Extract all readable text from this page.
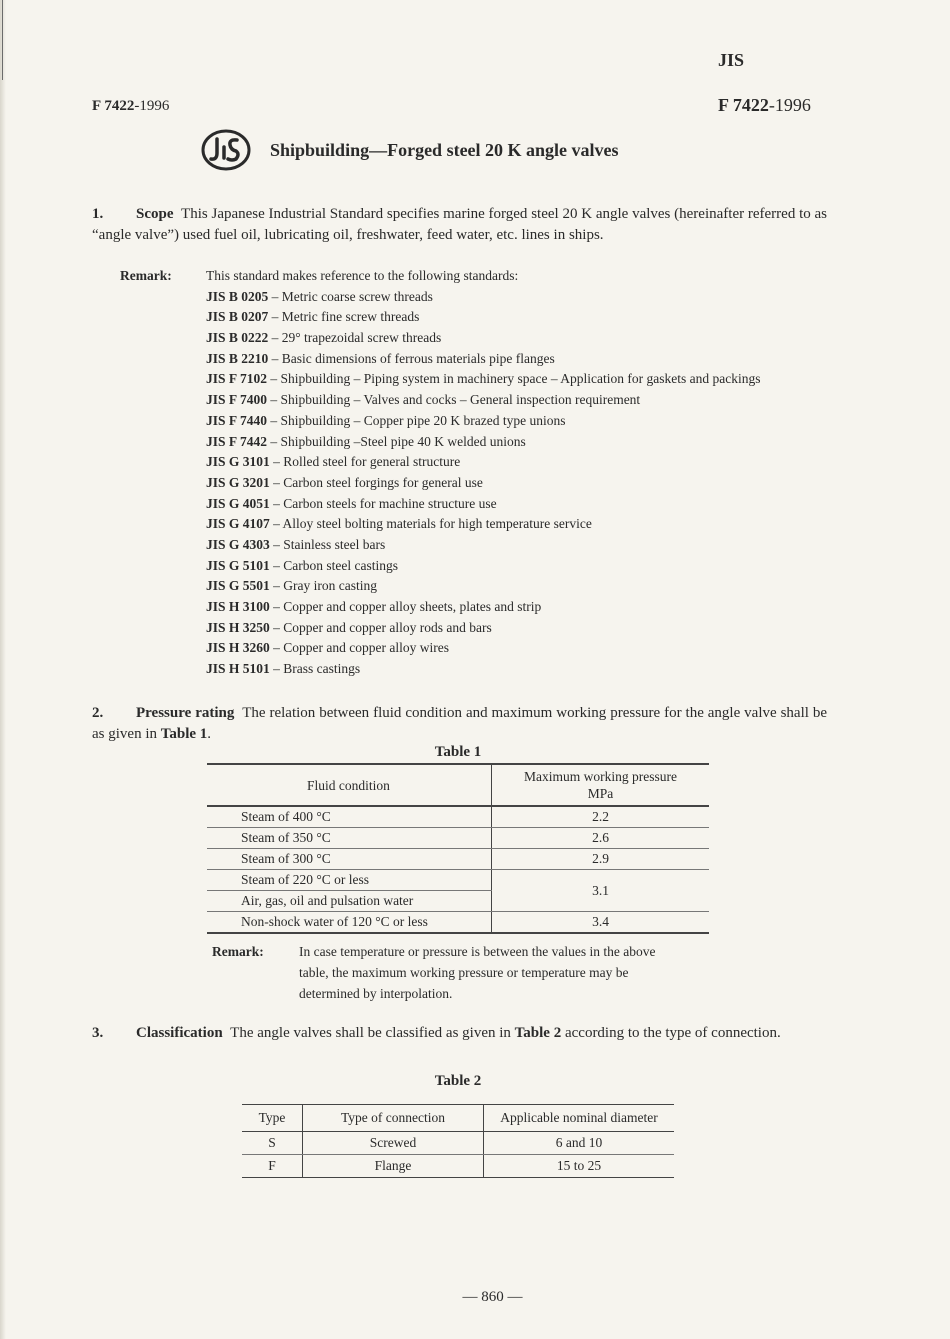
JIS
F 7422-1996	F 7422-1996
Shipbuilding—Forged steel 20 K angle valves
1. Scope This Japanese Industrial Standard specifies marine forged steel 20 K angle valves (hereinafter referred to as “angle valve”) used fuel oil, lubricating oil, freshwater, feed water, etc. lines in ships.
Remark:	This standard makes reference to the following standards:
JIS B 0205 – Metric coarse screw threads
JIS B 0207 – Metric fine screw threads
JIS B 0222 – 29° trapezoidal screw threads
JIS B 2210 – Basic dimensions of ferrous materials pipe flanges
JIS F 7102 – Shipbuilding – Piping system in machinery space – Application for gaskets and packings
JIS F 7400 – Shipbuilding – Valves and cocks – General inspection requirement
JIS F 7440 – Shipbuilding – Copper pipe 20 K brazed type unions
JIS F 7442 – Shipbuilding –Steel pipe 40 K welded unions
JIS G 3101 – Rolled steel for general structure
JIS G 3201 – Carbon steel forgings for general use
JIS G 4051 – Carbon steels for machine structure use
JIS G 4107 – Alloy steel bolting materials for high temperature service
JIS G 4303 – Stainless steel bars
JIS G 5101 – Carbon steel castings
JIS G 5501 – Gray iron casting
JIS H 3100 – Copper and copper alloy sheets, plates and strip
JIS H 3250 – Copper and copper alloy rods and bars
JIS H 3260 – Copper and copper alloy wires
JIS H 5101 – Brass castings
2. Pressure rating The relation between fluid condition and maximum working pressure for the angle valve shall be as given in Table 1.
Table 1
Fluid condition	Maximum working pressure
MPa
Steam of 400 °C	2.2
Steam of 350 °C	2.6
Steam of 300 °C	2.9
Steam of 220 °C or less	3.1
Air, gas, oil and pulsation water	
Non-shock water of 120 °C or less	3.4
Remark:	In case temperature or pressure is between the values in the above table, the maximum working pressure or temperature may be determined by interpolation.
3. Classification The angle valves shall be classified as given in Table 2 according to the type of connection.
Table 2
Type	Type of connection	Applicable nominal diameter
S	Screwed	6 and 10
F	Flange	15 to 25
— 860 —
